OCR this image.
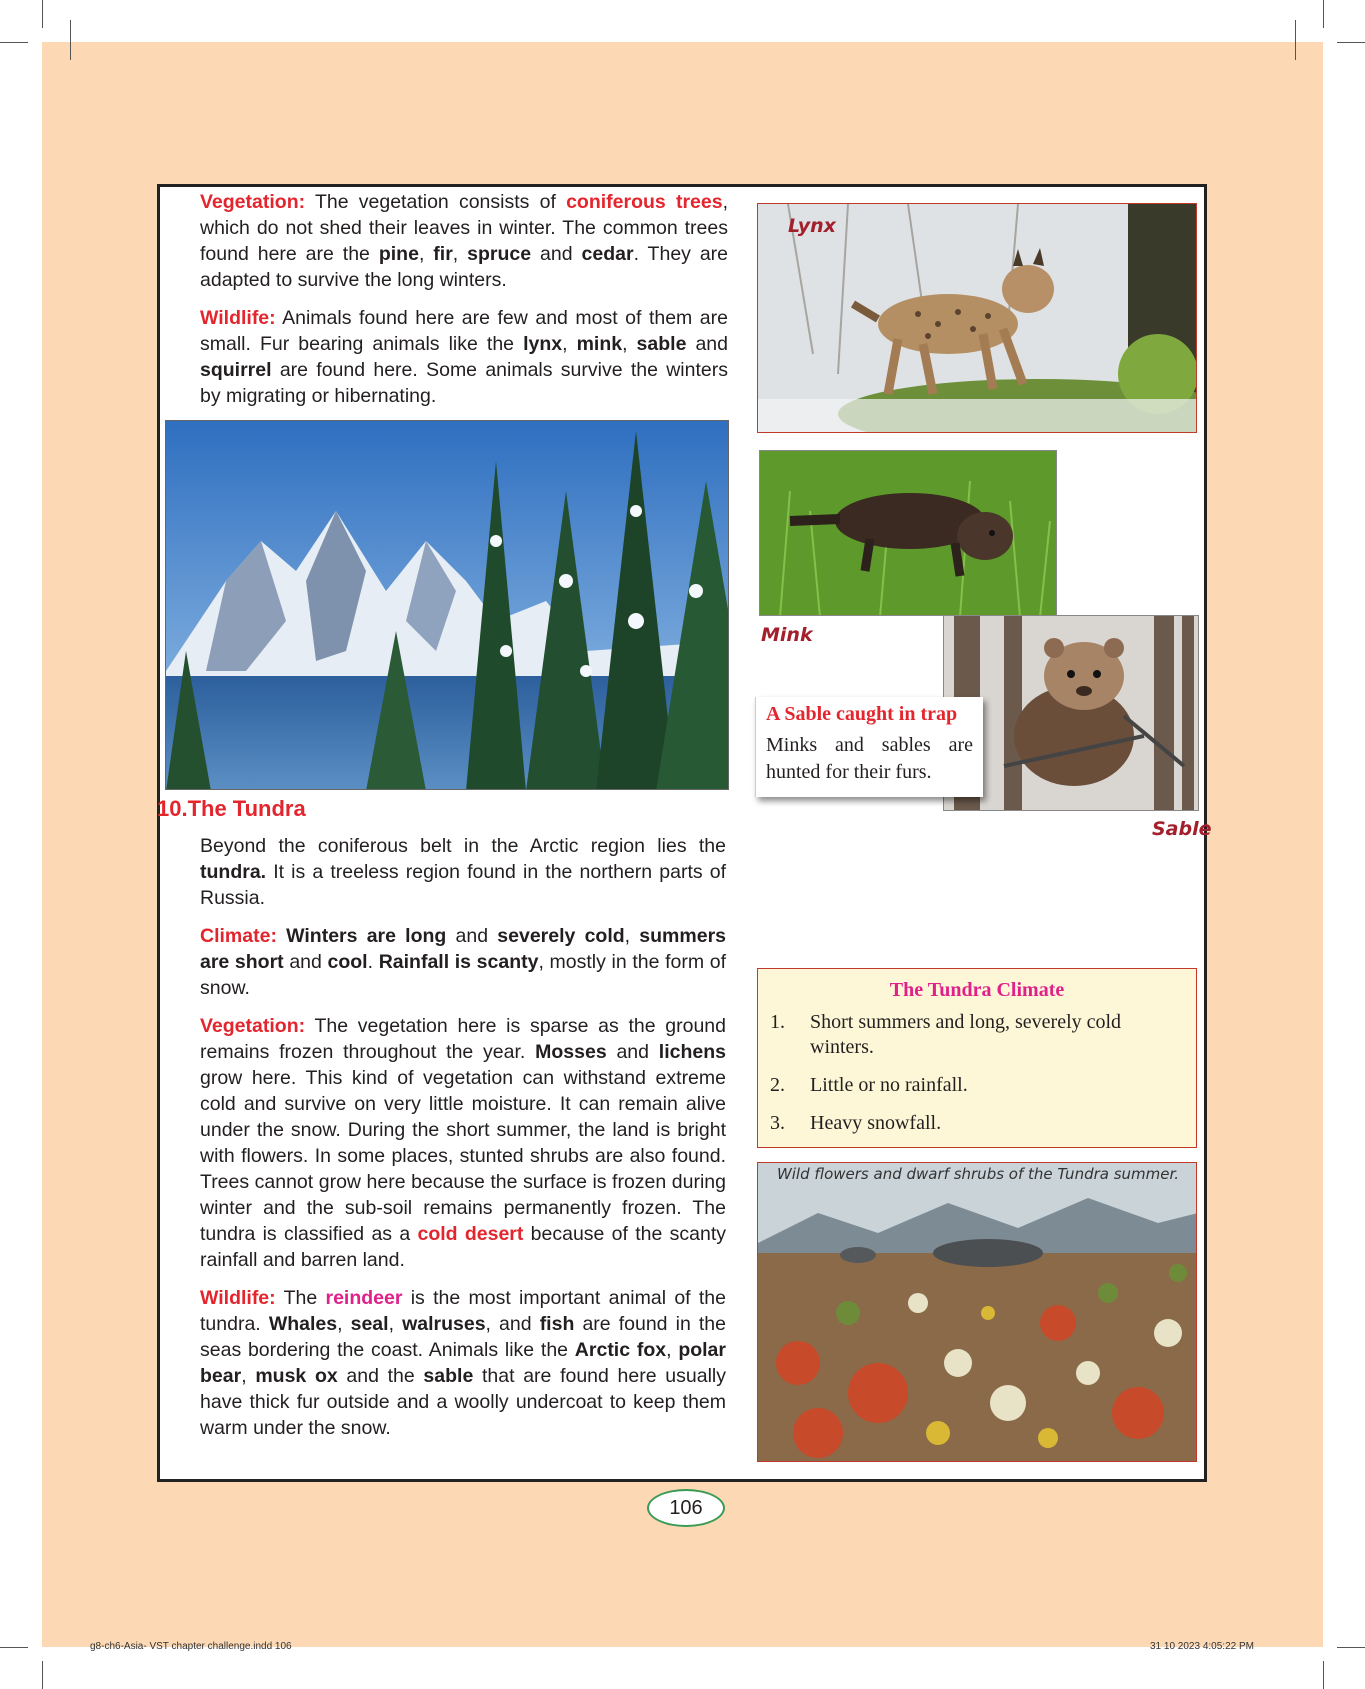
Vegetation: The vegetation consists of coniferous trees, which do not shed their leaves in winter. The common trees found here are the pine, fir, spruce and cedar. They are adapted to survive the long winters.

Wildlife: Animals found here are few and most of them are small. Fur bearing animals like the lynx, mink, sable and squirrel are found here. Some animals survive the winters by migrating or hibernating.

Lynx
Mink
Sable
A Sable caught in trap
Minks and sables are hunted for their furs.
10.The Tundra

Beyond the coniferous belt in the Arctic region lies the tundra. It is a treeless region found in the northern parts of Russia.

Climate: Winters are long and severely cold, summers are short and cool. Rainfall is scanty, mostly in the form of snow.

Vegetation: The vegetation here is sparse as the ground remains frozen throughout the year. Mosses and lichens grow here. This kind of vegetation can withstand extreme cold and survive on very little moisture. It can remain alive under the snow. During the short summer, the land is bright with flowers. In some places, stunted shrubs are also found. Trees cannot grow here because the surface is frozen during winter and the sub-soil remains permanently frozen. The tundra is classified as a cold desert because of the scanty rainfall and barren land.

Wildlife: The reindeer is the most important animal of the tundra. Whales, seal, walruses, and fish are found in the seas bordering the coast. Animals like the Arctic fox, polar bear, musk ox and the sable that are found here usually have thick fur outside and a woolly undercoat to keep them warm under the snow.

The Tundra Climate
1.	Short summers and long, severely cold winters.
2.	Little or no rainfall.
3.	Heavy snowfall.
Wild flowers and dwarf shrubs of the Tundra summer.
106
g8-ch6-Asia- VST chapter challenge.indd 106	31 10 2023 4:05:22 PM
